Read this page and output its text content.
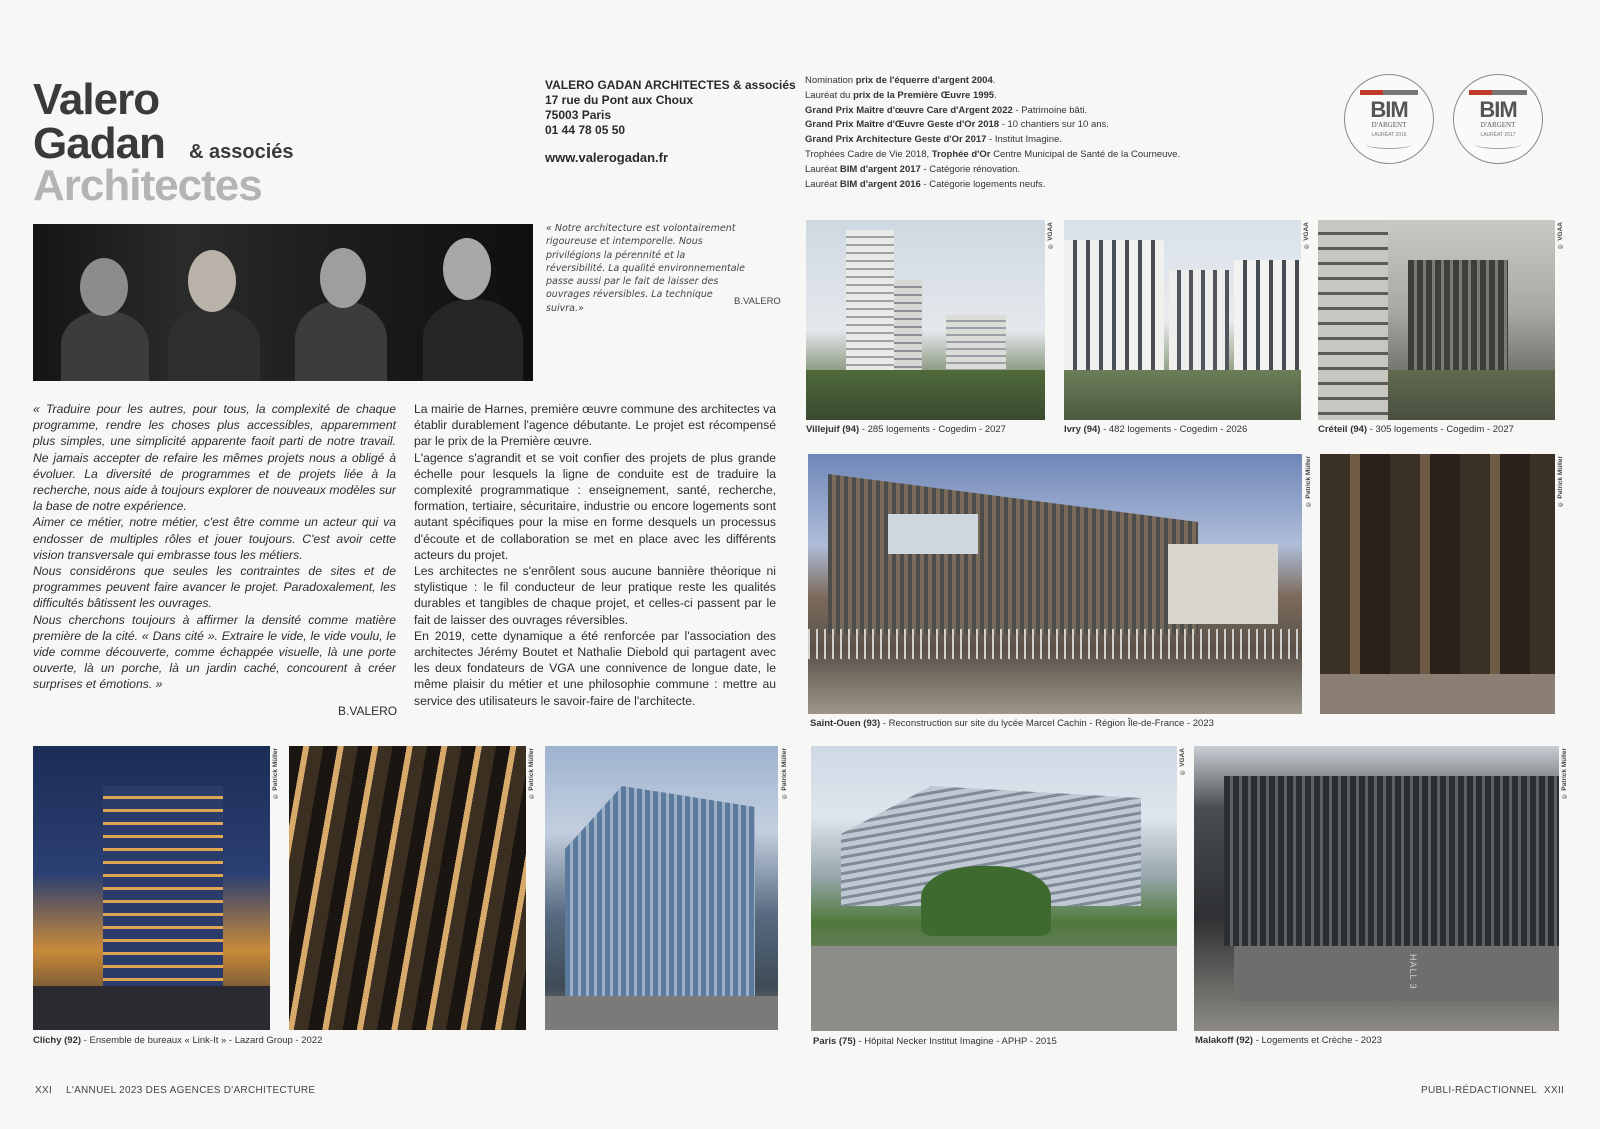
Valero
Gadan & associés
Architectes
VALERO GADAN ARCHITECTES & associés
17 rue du Pont aux Choux
75003 Paris
01 44 78 05 50
www.valerogadan.fr
Nomination prix de l'équerre d'argent 2004.
Lauréat du prix de la Première Œuvre 1995.
Grand Prix Maître d'œuvre Care d'Argent 2022 - Patrimoine bâti.
Grand Prix Maître d'Œuvre Geste d'Or 2018 - 10 chantiers sur 10 ans.
Grand Prix Architecture Geste d'Or 2017 - Institut Imagine.
Trophées Cadre de Vie 2018, Trophée d'Or Centre Municipal de Santé de la Courneuve.
Lauréat BIM d'argent 2017 - Catégorie rénovation.
Lauréat BIM d'argent 2016 - Catégorie logements neufs.
BIM
D'ARGENT
LAURÉAT 2016
BIM
D'ARGENT
LAURÉAT 2017
« Notre architecture est volontairement rigoureuse et intemporelle. Nous privilégions la pérennité et la réversibilité. La qualité environnementale passe aussi par le fait de laisser des ouvrages réversibles. La technique suivra.»
B.VALERO

« Traduire pour les autres, pour tous, la complexité de chaque programme, rendre les choses plus accessibles, apparemment plus simples, une simplicité apparente faoit parti de notre travail. Ne jamais accepter de refaire les mêmes projets nous a obligé à évoluer. La diversité de programmes et de projets liée à la recherche, nous aide à toujours explorer de nouveaux modèles sur la base de notre expérience.

Aimer ce métier, notre métier, c'est être comme un acteur qui va endosser de multiples rôles et jouer toujours. C'est avoir cette vision transversale qui embrasse tous les métiers.

Nous considérons que seules les contraintes de sites et de programmes peuvent faire avancer le projet. Paradoxalement, les difficultés bâtissent les ouvrages.

Nous cherchons toujours à affirmer la densité comme matière première de la cité. « Dans cité ». Extraire le vide, le vide voulu, le vide comme découverte, comme échappée visuelle, là une porte ouverte, là un porche, là un jardin caché, concourent à créer surprises et émotions. »

B.VALERO

La mairie de Harnes, première œuvre commune des architectes va établir durablement l'agence débutante. Le projet est récompensé par le prix de la Première œuvre.

L'agence s'agrandit et se voit confier des projets de plus grande échelle pour lesquels la ligne de conduite est de traduire la complexité programmatique : enseignement, santé, recherche, formation, tertiaire, sécuritaire, industrie ou encore logements sont autant spécifiques pour la mise en forme desquels un processus d'écoute et de collaboration se met en place avec les différents acteurs du projet.

Les architectes ne s'enrôlent sous aucune bannière théorique ni stylistique : le fil conducteur de leur pratique reste les qualités durables et tangibles de chaque projet, et celles-ci passent par le fait de laisser des ouvrages réversibles.

En 2019, cette dynamique a été renforcée par l'association des architectes Jérémy Boutet et Nathalie Diebold qui partagent avec les deux fondateurs de VGA une connivence de longue date, le même plaisir du métier et une philosophie commune : mettre au service des utilisateurs le savoir-faire de l'architecte.

© VGAA
Villejuif (94) - 285 logements - Cogedim - 2027
© VGAA
Ivry (94) - 482 logements - Cogedim - 2026
© VGAA
Créteil (94) - 305 logements - Cogedim - 2027
© Patrick Müller
Saint-Ouen (93) - Reconstruction sur site du lycée Marcel Cachin - Région Île-de-France - 2023
© Patrick Müller
© Patrick Müller
Clichy (92) - Ensemble de bureaux « Link-It » - Lazard Group - 2022
© Patrick Müller	© Patrick Müller	© VGAA
Paris (75) - Hôpital Necker Institut Imagine - APHP - 2015
HALL 3
© Patrick Müller
Malakoff (92) - Logements et Crèche - 2023
XXI L'ANNUEL 2023 DES AGENCES D'ARCHITECTURE	PUBLI-RÉDACTIONNEL XXII
